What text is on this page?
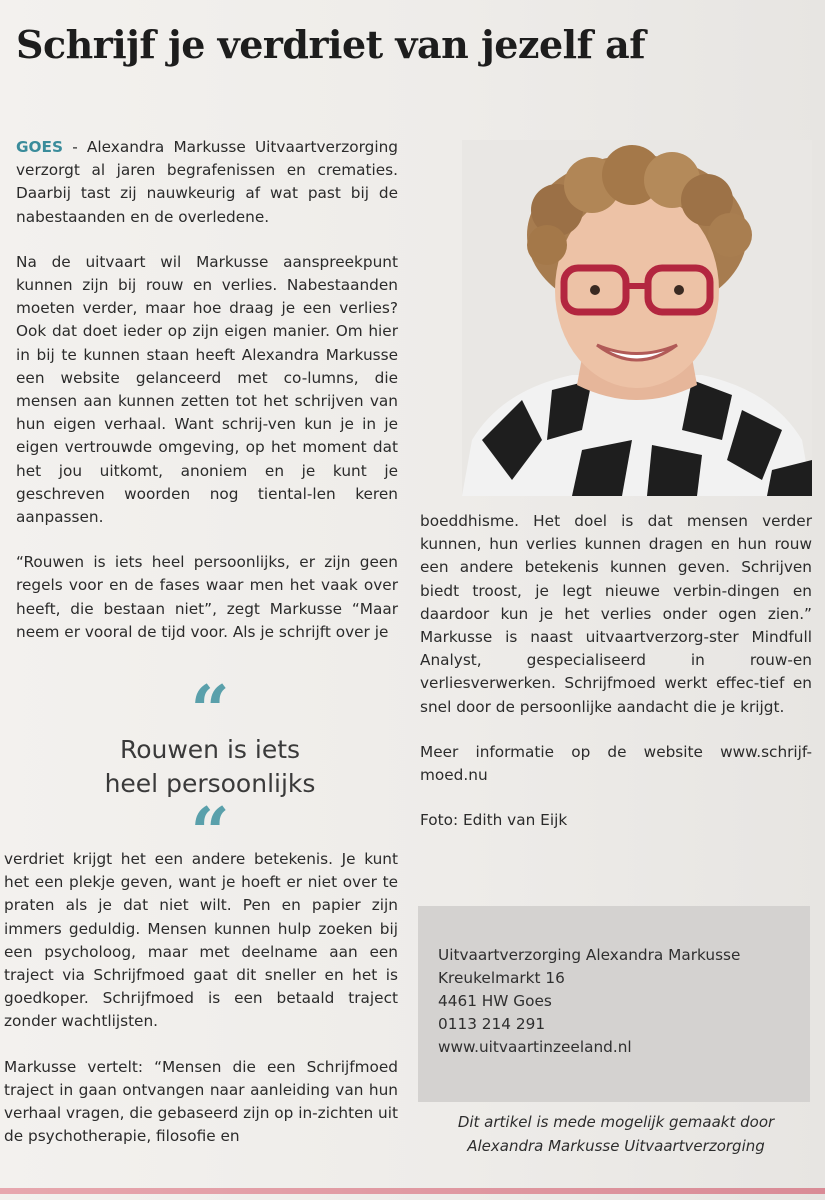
Schrijf je verdriet van jezelf af

GOES - Alexandra Markusse Uitvaartverzorging verzorgt al jaren begrafenissen en crematies. Daarbij tast zij nauwkeurig af wat past bij de nabestaanden en de overledene.

Na de uitvaart wil Markusse aanspreekpunt kunnen zijn bij rouw en verlies. Nabestaanden moeten verder, maar hoe draag je een verlies? Ook dat doet ieder op zijn eigen manier. Om hier in bij te kunnen staan heeft Alexandra Markusse een website gelanceerd met co-lumns, die mensen aan kunnen zetten tot het schrijven van hun eigen verhaal. Want schrij-ven kun je in je eigen vertrouwde omgeving, op het moment dat het jou uitkomt, anoniem en je kunt je geschreven woorden nog tiental-len keren aanpassen.

“Rouwen is iets heel persoonlijks, er zijn geen regels voor en de fases waar men het vaak over heeft, die bestaan niet”, zegt Markusse “Maar neem er vooral de tijd voor. Als je schrijft over je

“
Rouwen is iets
heel persoonlijks
“

verdriet krijgt het een andere betekenis. Je kunt het een plekje geven, want je hoeft er niet over te praten als je dat niet wilt. Pen en papier zijn immers geduldig. Mensen kunnen hulp zoeken bij een psycholoog, maar met deelname aan een traject via Schrijfmoed gaat dit sneller en het is goedkoper. Schrijfmoed is een betaald traject zonder wachtlijsten.

Markusse vertelt: “Mensen die een Schrijfmoed traject in gaan ontvangen naar aanleiding van hun verhaal vragen, die gebaseerd zijn op in-zichten uit de psychotherapie, filosofie en

boeddhisme. Het doel is dat mensen verder kunnen, hun verlies kunnen dragen en hun rouw een andere betekenis kunnen geven. Schrijven biedt troost, je legt nieuwe verbin-dingen en daardoor kun je het verlies onder ogen zien.” Markusse is naast uitvaartverzorg-ster Mindfull Analyst, gespecialiseerd in rouw-en verliesverwerken. Schrijfmoed werkt effec-tief en snel door de persoonlijke aandacht die je krijgt.

Meer informatie op de website www.schrijf-moed.nu

Foto: Edith van Eijk

Uitvaartverzorging Alexandra Markusse
Kreukelmarkt 16
4461 HW Goes
0113 214 291
www.uitvaartinzeeland.nl
Dit artikel is mede mogelijk gemaakt door
Alexandra Markusse Uitvaartverzorging
